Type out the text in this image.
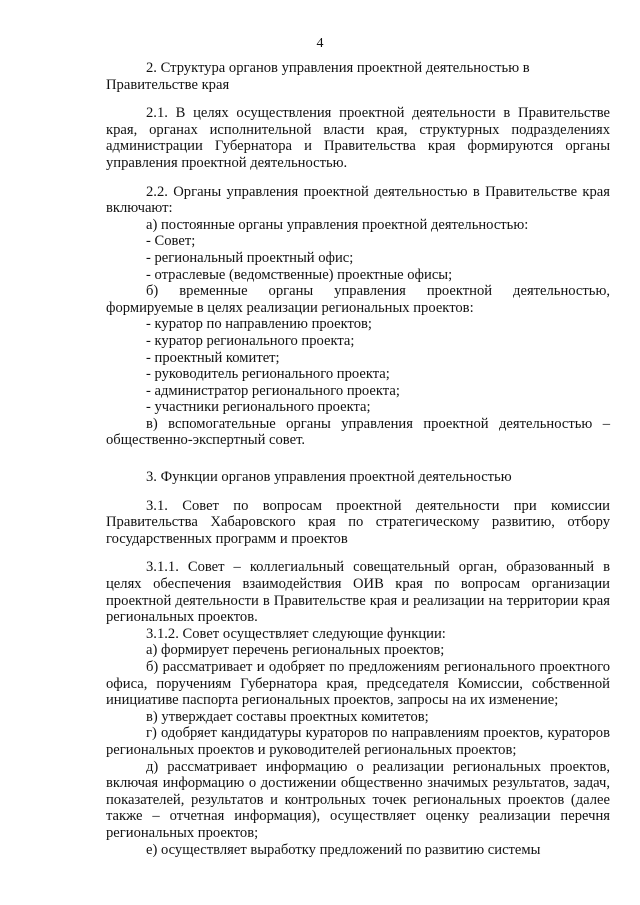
4

2. Структура органов управления проектной деятельностью в Правительстве края

2.1. В целях осуществления проектной деятельности в Правительстве края, органах исполнительной власти края, структурных подразделениях администрации Губернатора и Правительства края формируются органы управления проектной деятельностью.

2.2. Органы управления проектной деятельностью в Правительстве края включают:

а) постоянные органы управления проектной деятельностью:

- Совет;

- региональный проектный офис;

- отраслевые (ведомственные) проектные офисы;

б) временные органы управления проектной деятельностью, формируемые в целях реализации региональных проектов:

- куратор по направлению проектов;

- куратор регионального проекта;

- проектный комитет;

- руководитель регионального проекта;

- администратор регионального проекта;

- участники регионального проекта;

в) вспомогательные органы управления проектной деятельностью – общественно-экспертный совет.

3. Функции органов управления проектной деятельностью

3.1. Совет по вопросам проектной деятельности при комиссии Правительства Хабаровского края по стратегическому развитию, отбору государственных программ и проектов

3.1.1. Совет – коллегиальный совещательный орган, образованный в целях обеспечения взаимодействия ОИВ края по вопросам организации проектной деятельности в Правительстве края и реализации на территории края региональных проектов.

3.1.2. Совет осуществляет следующие функции:

а) формирует перечень региональных проектов;

б) рассматривает и одобряет по предложениям регионального проектного офиса, поручениям Губернатора края, председателя Комиссии, собственной инициативе паспорта региональных проектов, запросы на их изменение;

в) утверждает составы проектных комитетов;

г) одобряет кандидатуры кураторов по направлениям проектов, кураторов региональных проектов и руководителей региональных проектов;

д) рассматривает информацию о реализации региональных проектов, включая информацию о достижении общественно значимых результатов, задач, показателей, результатов и контрольных точек региональных проектов (далее также – отчетная информация), осуществляет оценку реализации перечня региональных проектов;

е) осуществляет выработку предложений по развитию системы
